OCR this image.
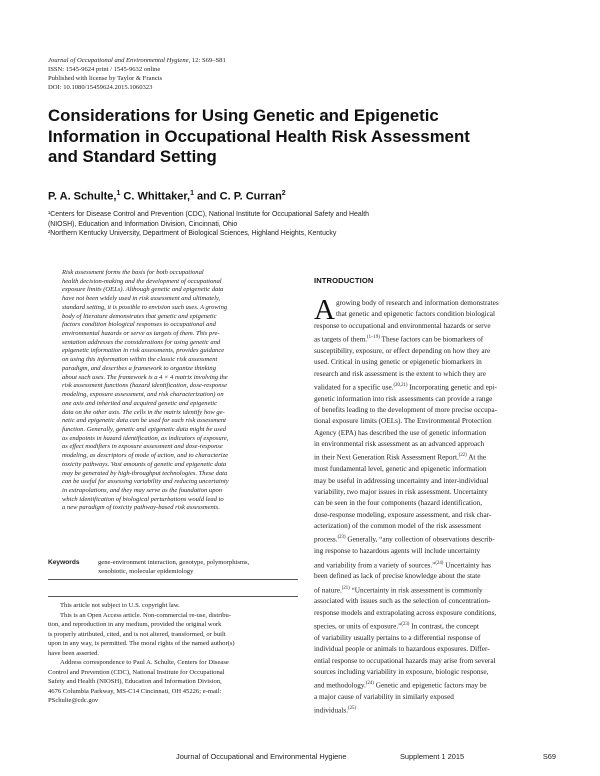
Journal of Occupational and Environmental Hygiene, 12: S69–S81
ISSN: 1545-9624 print / 1545-9632 online
Published with license by Taylor & Francis
DOI: 10.1080/15459624.2015.1060323
Considerations for Using Genetic and Epigenetic
Information in Occupational Health Risk Assessment
and Standard Setting

P. A. Schulte,$^1$ C. Whittaker,$^1$ and C. P. Curran$^2$

¹Centers for Disease Control and Prevention (CDC), National Institute for Occupational Safety and Health
(NIOSH), Education and Information Division, Cincinnati, Ohio
²Northern Kentucky University, Department of Biological Sciences, Highland Heights, Kentucky

Risk assessment forms the basis for both occupational
health decision-making and the development of occupational
exposure limits (OELs). Although genetic and epigenetic data
have not been widely used in risk assessment and ultimately,
standard setting, it is possible to envision such uses. A growing
body of literature demonstrates that genetic and epigenetic
factors condition biological responses to occupational and
environmental hazards or serve as targets of them. This pre-
sentation addresses the considerations for using genetic and
epigenetic information in risk assessments, provides guidance
on using this information within the classic risk assessment
paradigm, and describes a framework to organize thinking
about such uses. The framework is a 4 × 4 matrix involving the
risk assessment functions (hazard identification, dose-response
modeling, exposure assessment, and risk characterization) on
one axis and inherited and acquired genetic and epigenetic
data on the other axis. The cells in the matrix identify how ge-
netic and epigenetic data can be used for each risk assessment
function. Generally, genetic and epigenetic data might be used
as endpoints in hazard identification, as indicators of exposure,
as effect modifiers in exposure assessment and dose-response
modeling, as descriptors of mode of action, and to characterize
toxicity pathways. Vast amounts of genetic and epigenetic data
may be generated by high-throughput technologies. These data
can be useful for assessing variability and reducing uncertainty
in extrapolations, and they may serve as the foundation upon
which identification of biological perturbations would lead to
a new paradigm of toxicity pathway-based risk assessments.

Keywords	gene-environment interaction, genotype, polymorphisms,
xenobiotic, molecular epidemiology
This article not subject to U.S. copyright law.
This is an Open Access article. Non-commercial re-use, distribu-
tion, and reproduction in any medium, provided the original work
is properly attributed, cited, and is not altered, transformed, or built
upon in any way, is permitted. The moral rights of the named author(s)
have been asserted.
Address correspondence to Paul A. Schulte, Centers for Disease
Control and Prevention (CDC), National Institute for Occupational
Safety and Health (NIOSH), Education and Information Division,
4676 Columbia Parkway, MS-C14 Cincinnati, OH 45226; e-mail:
PSchulte@cdc.gov
INTRODUCTION
A growing body of research and information demonstrates
that genetic and epigenetic factors condition biological
response to occupational and environmental hazards or serve
as targets of them.$^{(1-19)}$ These factors can be biomarkers of
susceptibility, exposure, or effect depending on how they are
used. Critical in using genetic or epigenetic biomarkers in
research and risk assessment is the extent to which they are
validated for a specific use.$^{(20,21)}$ Incorporating genetic and epi-
genetic information into risk assessments can provide a range
of benefits leading to the development of more precise occupa-
tional exposure limits (OELs). The Environmental Protection
Agency (EPA) has described the use of genetic information
in environmental risk assessment as an advanced approach
in their Next Generation Risk Assessment Report.$^{(22)}$ At the
most fundamental level, genetic and epigenetic information
may be useful in addressing uncertainty and inter-individual
variability, two major issues in risk assessment. Uncertainty
can be seen in the four components (hazard identification,
dose-response modeling, exposure assessment, and risk char-
acterization) of the common model of the risk assessment
process.$^{(23)}$ Generally, “any collection of observations describ-
ing response to hazardous agents will include uncertainty
and variability from a variety of sources.”$^{(24)}$ Uncertainty has
been defined as lack of precise knowledge about the state
of nature.$^{(21)}$ “Uncertainty in risk assessment is commonly
associated with issues such as the selection of concentration-
response models and extrapolating across exposure conditions,
species, or units of exposure.”$^{(23)}$ In contrast, the concept
of variability usually pertains to a differential response of
individual people or animals to hazardous exposures. Differ-
ential response to occupational hazards may arise from several
sources including variability in exposure, biologic response,
and methodology.$^{(24)}$ Genetic and epigenetic factors may be
a major cause of variability in similarly exposed
individuals.$^{(25)}$
Journal of Occupational and Environmental Hygiene	Supplement 1 2015	S69
